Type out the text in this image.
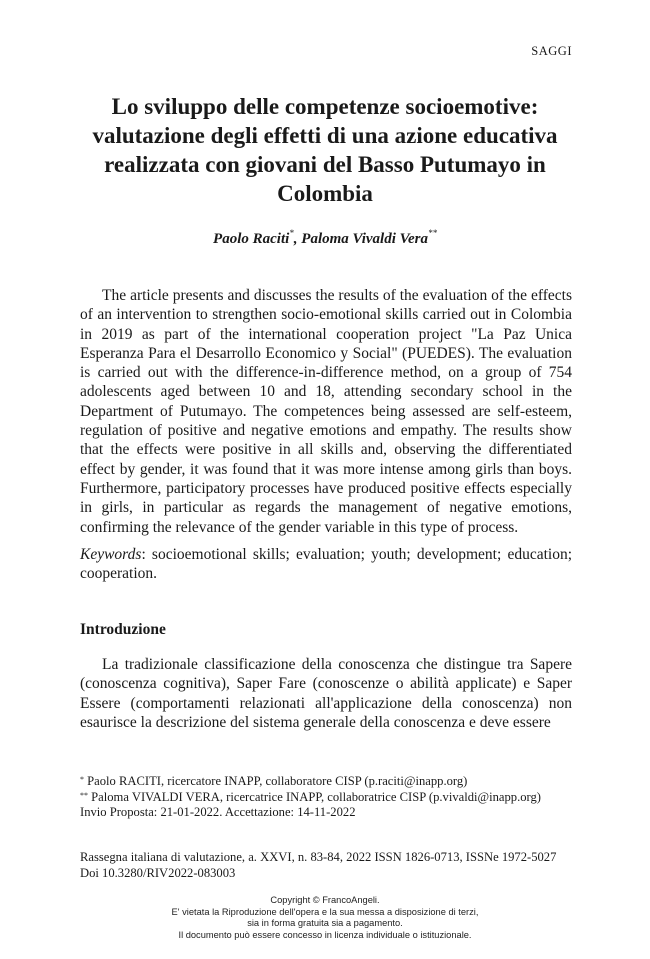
SAGGI
Lo sviluppo delle competenze socioemotive: valutazione degli effetti di una azione educativa realizzata con giovani del Basso Putumayo in Colombia
Paolo Raciti*, Paloma Vivaldi Vera**

The article presents and discusses the results of the evaluation of the effects of an intervention to strengthen socio-emotional skills carried out in Colombia in 2019 as part of the international cooperation project "La Paz Unica Esperanza Para el Desarrollo Economico y Social" (PUEDES). The evaluation is carried out with the difference-in-difference method, on a group of 754 adolescents aged between 10 and 18, attending secondary school in the Department of Putumayo. The competences being assessed are self-esteem, regulation of positive and negative emotions and empathy. The results show that the effects were positive in all skills and, observing the differentiated effect by gender, it was found that it was more intense among girls than boys. Furthermore, participatory processes have produced positive effects especially in girls, in particular as regards the management of negative emotions, confirming the relevance of the gender variable in this type of process.

Keywords: socioemotional skills; evaluation; youth; development; education; cooperation.

Introduzione

La tradizionale classificazione della conoscenza che distingue tra Sapere (conoscenza cognitiva), Saper Fare (conoscenze o abilità applicate) e Saper Essere (comportamenti relazionati all'applicazione della conoscenza) non esaurisce la descrizione del sistema generale della conoscenza e deve essere

* Paolo RACITI, ricercatore INAPP, collaboratore CISP (p.raciti@inapp.org)
** Paloma VIVALDI VERA, ricercatrice INAPP, collaboratrice CISP (p.vivaldi@inapp.org)
Invio Proposta: 21-01-2022. Accettazione: 14-11-2022
Rassegna italiana di valutazione, a. XXVI, n. 83-84, 2022 ISSN 1826-0713, ISSNe 1972-5027
Doi 10.3280/RIV2022-083003
Copyright © FrancoAngeli.
E' vietata la Riproduzione dell'opera e la sua messa a disposizione di terzi,
sia in forma gratuita sia a pagamento.
Il documento può essere concesso in licenza individuale o istituzionale.
